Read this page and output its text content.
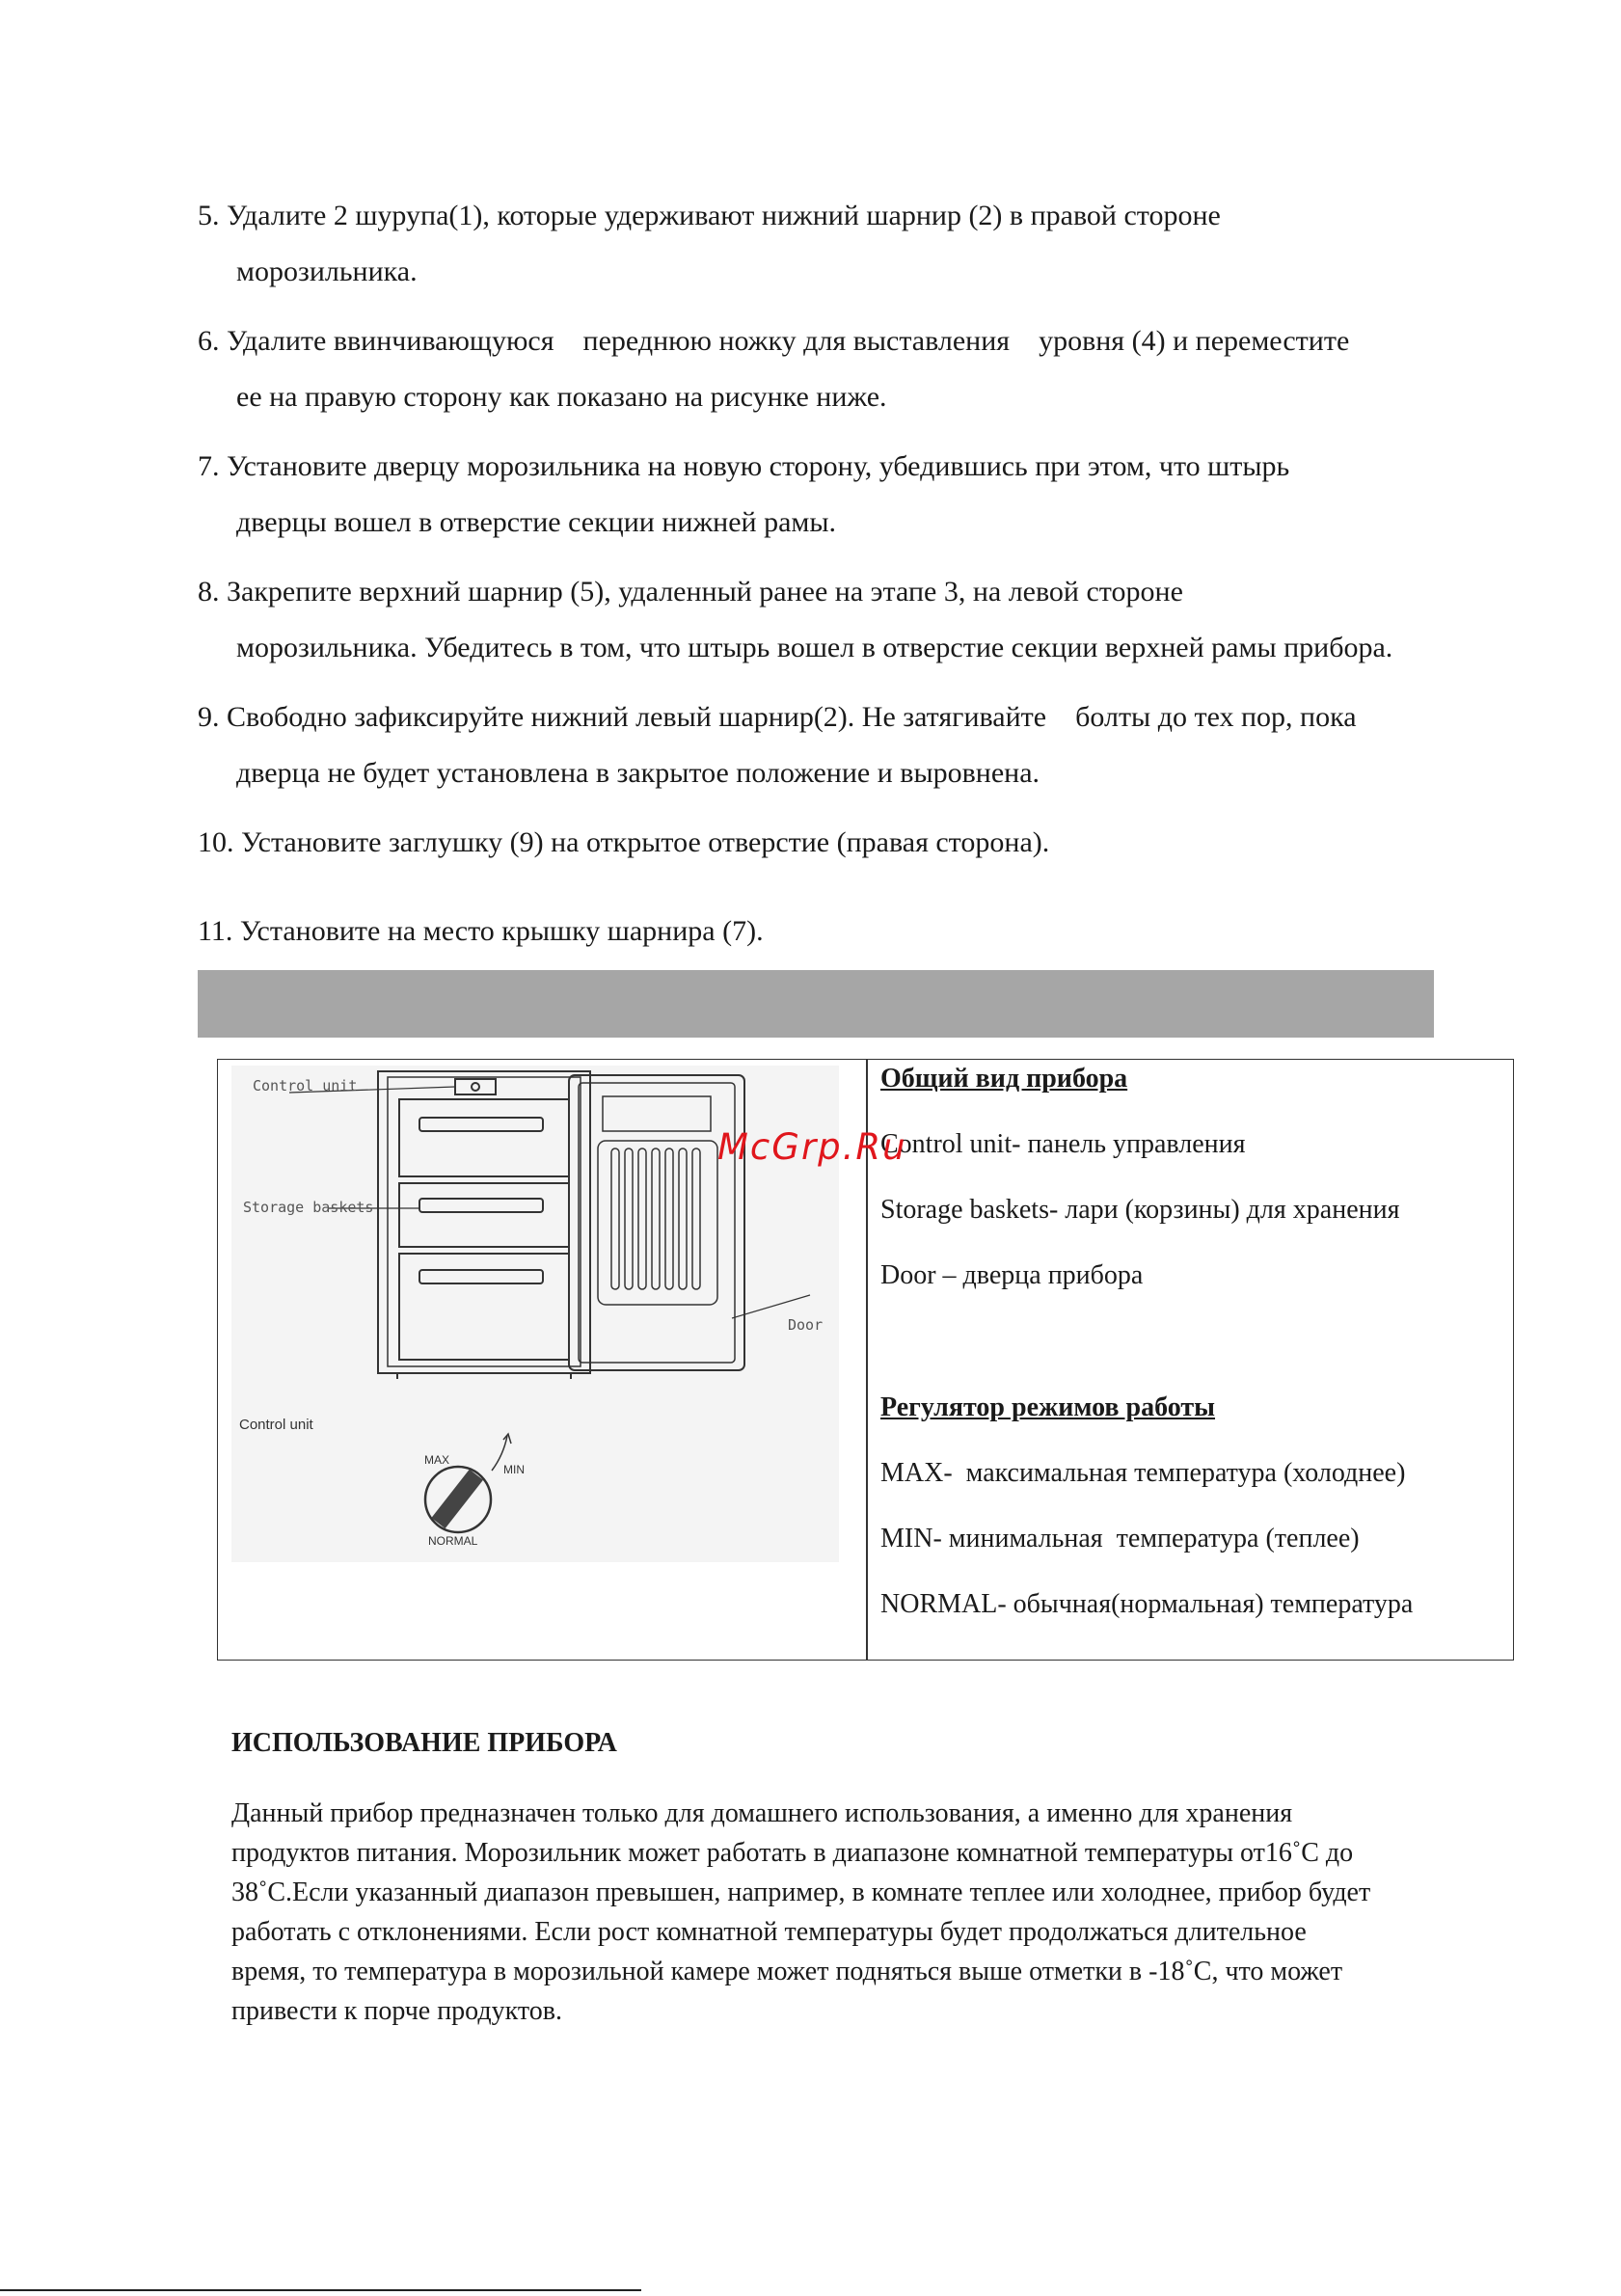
5. Удалите 2 шурупа(1), которые удерживают нижний шарнир (2) в правой стороне
морозильника.
6. Удалите ввинчивающуюся    переднюю ножку для выставления    уровня (4) и переместите
ее на правую сторону как показано на рисунке ниже.
7. Установите дверцу морозильника на новую сторону, убедившись при этом, что штырь
дверцы вошел в отверстие секции нижней рамы.
8. Закрепите верхний шарнир (5), удаленный ранее на этапе 3, на левой стороне
морозильника. Убедитесь в том, что штырь вошел в отверстие секции верхней рамы прибора.
9. Свободно зафиксируйте нижний левый шарнир(2). Не затягивайте    болты до тех пор, пока
дверца не будет установлена в закрытое положение и выровнена.
10. Установите заглушку (9) на открытое отверстие (правая сторона).
11. Установите на место крышку шарнира (7).
Control unit
Storage baskets
Door
Control unit
MAX
MIN
NORMAL
Общий вид прибора
Control unit- панель управления
Storage baskets- лари (корзины) для хранения
Door – дверца прибора
Регулятор режимов работы
MAX-  максимальная температура (холоднее)
MIN- минимальная  температура (теплее)
NORMAL- обычная(нормальная) температура
McGrp.Ru
ИСПОЛЬЗОВАНИЕ ПРИБОРА
Данный прибор предназначен только для домашнего использования, а именно для хранения
продуктов питания. Морозильник может работать в диапазоне комнатной температуры от16˚С до
38˚С.Если указанный диапазон превышен, например, в комнате теплее или холоднее, прибор будет
работать с отклонениями. Если рост комнатной температуры будет продолжаться длительное
время, то температура в морозильной камере может подняться выше отметки в -18˚С, что может
привести к порче продуктов.
